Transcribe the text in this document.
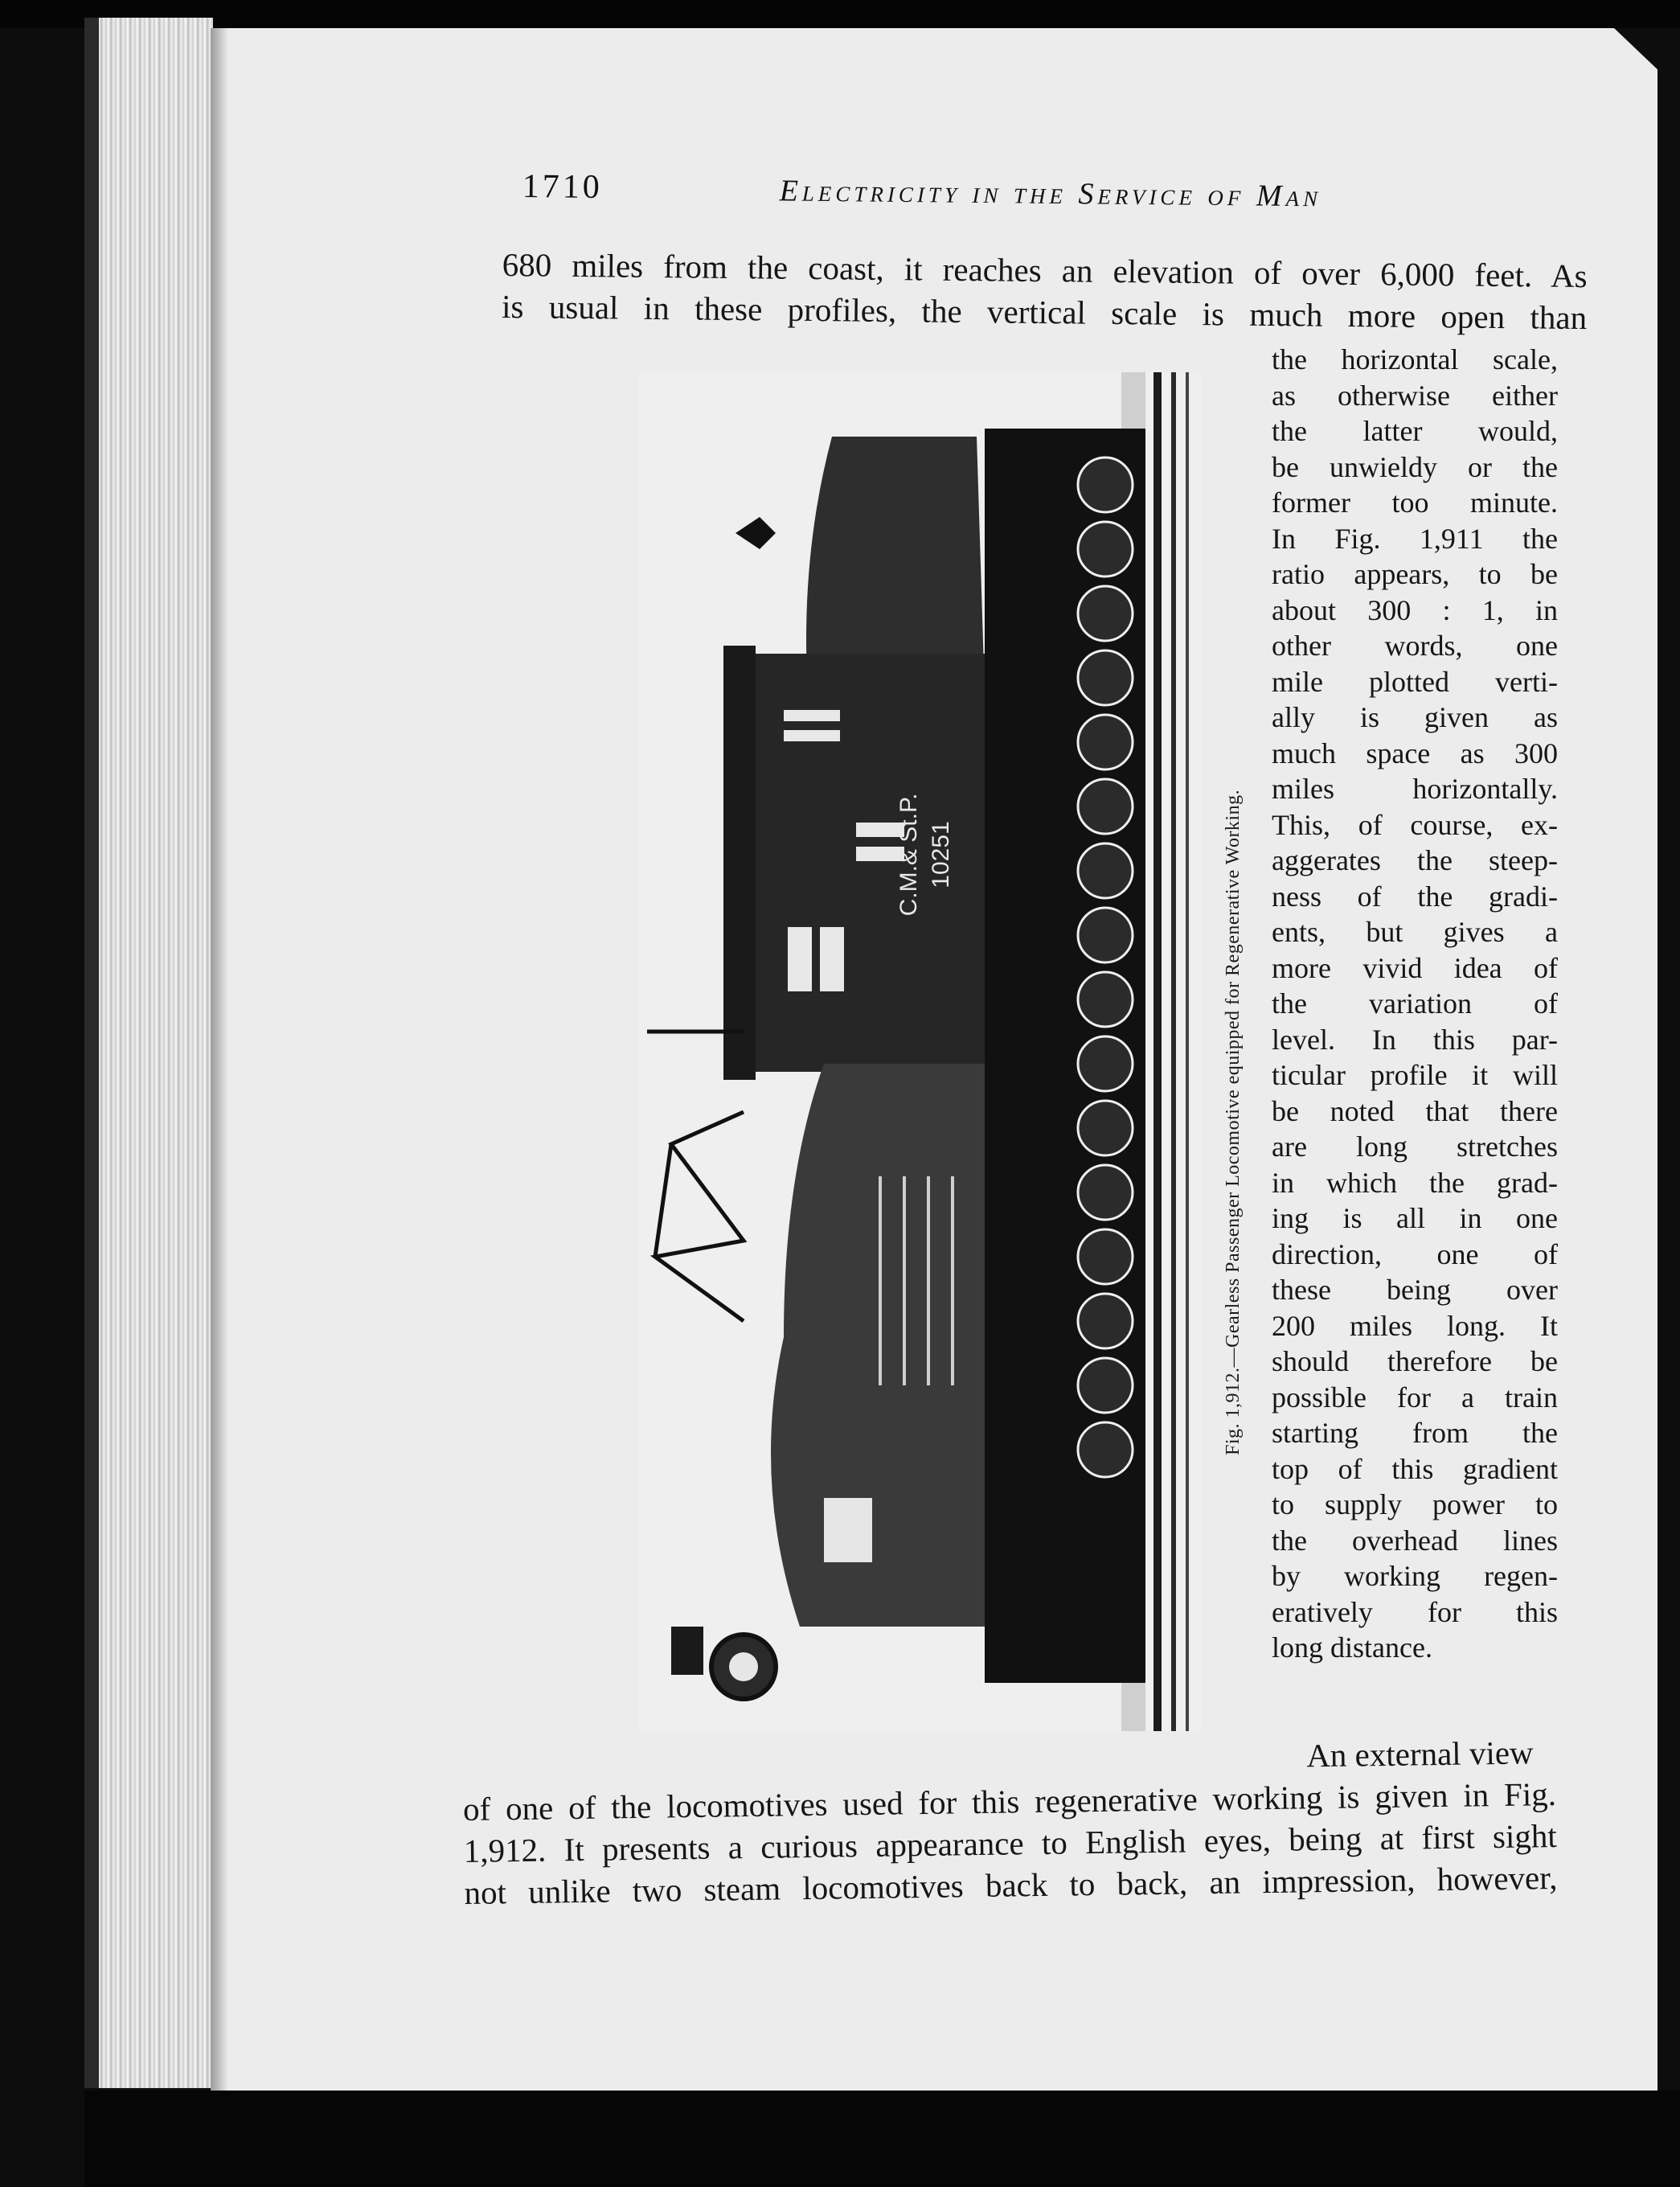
1710	Electricity in the Service of Man
680 miles from the coast, it reaches an elevation of over 6,000 feet. As
is usual in these profiles, the vertical scale is much more open than
C.M.& St.P. 10251	Fig. 1,912.—Gearless Passenger Locomotive equipped for Regenerative Working.
the horizontal scale,
as otherwise either
the latter would,
be unwieldy or the
former too minute.
In Fig. 1,911 the
ratio appears, to be
about 300 : 1, in
other words, one
mile plotted verti-
ally is given as
much space as 300
miles horizontally.
This, of course, ex-
aggerates the steep-
ness of the gradi-
ents, but gives a
more vivid idea of
the variation of
level. In this par-
ticular profile it will
be noted that there
are long stretches
in which the grad-
ing is all in one
direction, one of
these being over
200 miles long. It
should therefore be
possible for a train
starting from the
top of this gradient
to supply power to
the overhead lines
by working regen-
eratively for this
long distance.
An external view
of one of the locomotives used for this regenerative working is given in Fig.
1,912. It presents a curious appearance to English eyes, being at first sight
not unlike two steam locomotives back to back, an impression, however,
